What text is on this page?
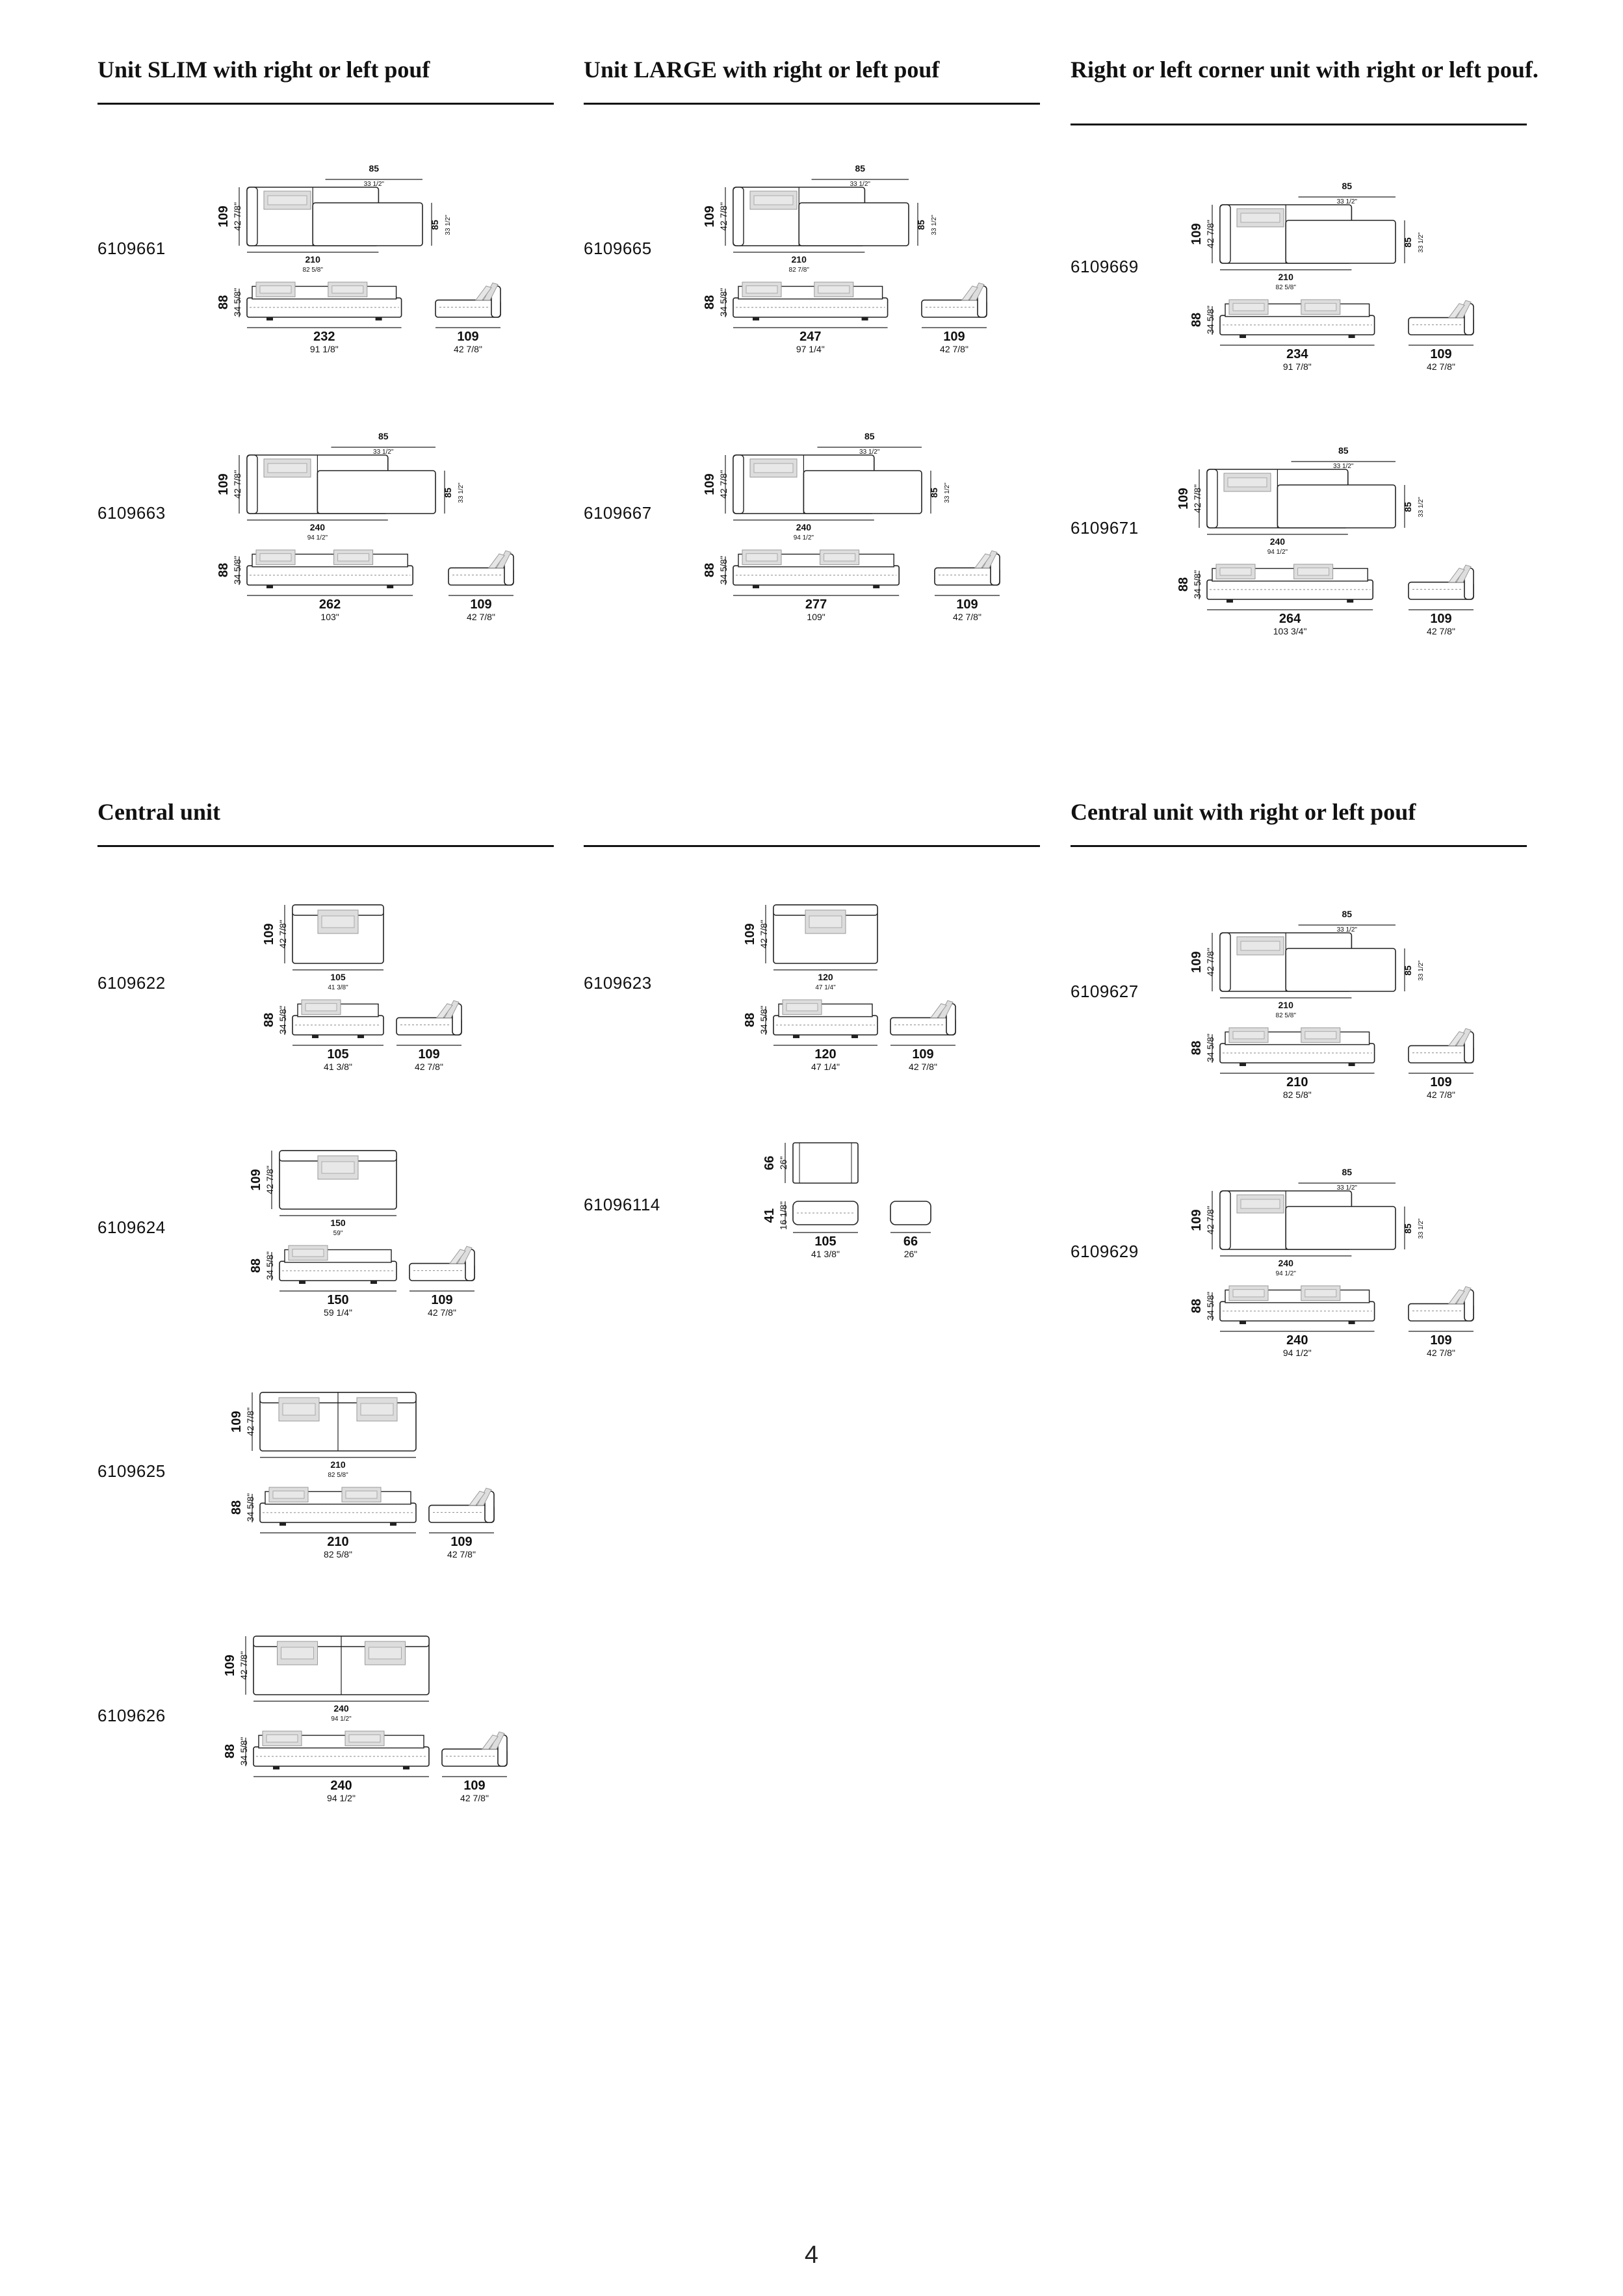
Unit SLIM with right or left pouf	Unit LARGE with right or left pouf	Right or left corner unit with right or left pouf.
Central unit	Central unit with right or left pouf
6109661
85
33 1/2"
85 33 1/2"
109 42 7/8"
210
82 5/8"
88 34 5/8"
232
91 1/8"
109
42 7/8"
6109663
85
33 1/2"
85 33 1/2"
109 42 7/8"
240
94 1/2"
88 34 5/8"
262
103"
109
42 7/8"
6109665
85
33 1/2"
85 33 1/2"
109 42 7/8"
210
82 7/8"
88 34 5/8"
247
97 1/4"
109
42 7/8"
6109667
85
33 1/2"
85 33 1/2"
109 42 7/8"
240
94 1/2"
88 34 5/8"
277
109"
109
42 7/8"
6109669
85
33 1/2"
85 33 1/2"
109 42 7/8"
210
82 5/8"
88 34 5/8"
234
91 7/8"
109
42 7/8"
6109671
85
33 1/2"
85 33 1/2"
109 42 7/8"
240
94 1/2"
88 34 5/8"
264
103 3/4"
109
42 7/8"
6109622
109 42 7/8"
105
41 3/8"
88 34 5/8"
105
41 3/8"
109
42 7/8"
6109624
109 42 7/8"
150
59"
88 34 5/8"
150
59 1/4"
109
42 7/8"
6109625
109 42 7/8"
210
82 5/8"
88 34 5/8"
210
82 5/8"
109
42 7/8"
6109626
109 42 7/8"
240
94 1/2"
88 34 5/8"
240
94 1/2"
109
42 7/8"
6109623
109 42 7/8"
120
47 1/4"
88 34 5/8"
120
47 1/4"
109
42 7/8"
61096114
66 26"
41 16 1/8"
105
41 3/8"
66
26"
6109627
85
33 1/2"
85 33 1/2"
109 42 7/8"
210
82 5/8"
88 34 5/8"
210
82 5/8"
109
42 7/8"
6109629
85
33 1/2"
85 33 1/2"
109 42 7/8"
240
94 1/2"
88 34 5/8"
240
94 1/2"
109
42 7/8"
4
